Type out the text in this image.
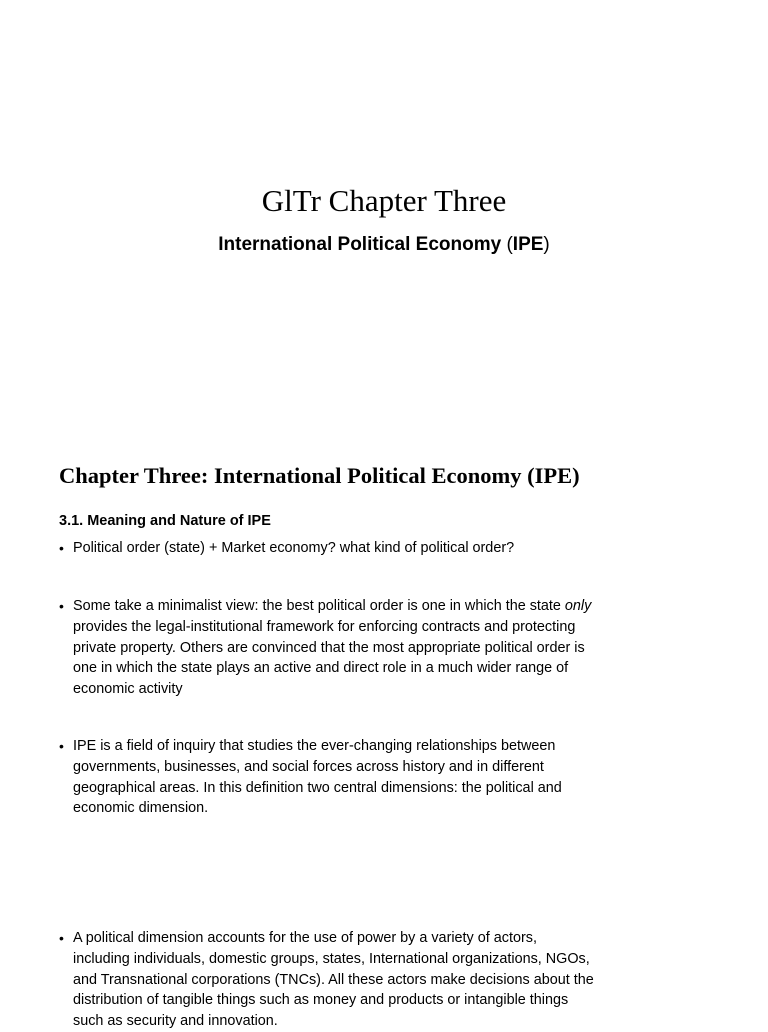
GlTr Chapter Three
International Political Economy (IPE)
Chapter Three: International Political Economy (IPE)
3.1. Meaning and Nature of IPE
• Political order (state) + Market economy? what kind of political order?
• Some take a minimalist view: the best political order is one in which the state only
provides the legal-institutional framework for enforcing contracts and protecting
private property. Others are convinced that the most appropriate political order is
one in which the state plays an active and direct role in a much wider range of
economic activity
• IPE is a field of inquiry that studies the ever-changing relationships between
governments, businesses, and social forces across history and in different
geographical areas. In this definition two central dimensions: the political and
economic dimension.
• A political dimension accounts for the use of power by a variety of actors,
including individuals, domestic groups, states, International organizations, NGOs,
and Transnational corporations (TNCs). All these actors make decisions about the
distribution of tangible things such as money and products or intangible things
such as security and innovation.
